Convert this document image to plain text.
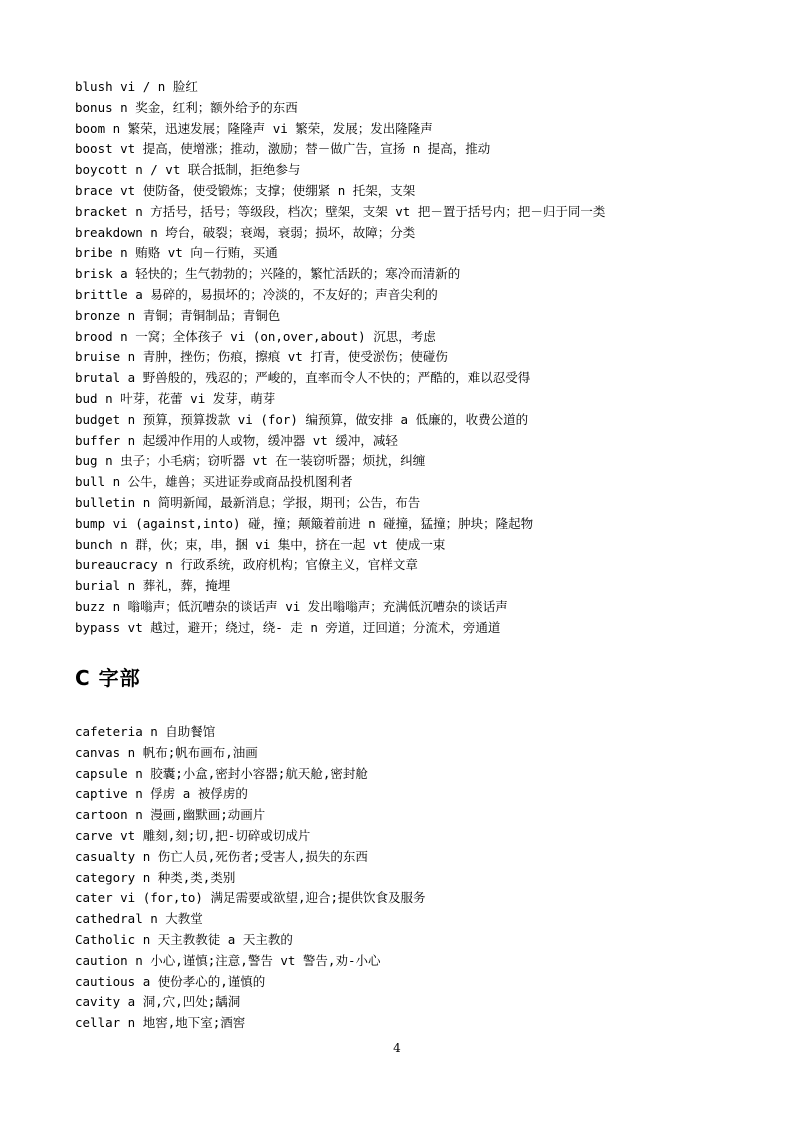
blush vi / n 脸红
bonus n 奖金，红利；额外给予的东西
boom n 繁荣，迅速发展；隆隆声 vi 繁荣，发展；发出隆隆声
boost vt 提高，使增涨；推动，激励；替－做广告，宣扬 n 提高，推动
boycott n / vt 联合抵制，拒绝参与
brace vt 使防备，使受锻炼；支撑；使绷紧 n 托架，支架
bracket n 方括号，括号；等级段，档次；壁架，支架 vt 把－置于括号内；把－归于同一类
breakdown n 垮台，破裂；衰竭，衰弱；损坏，故障；分类
bribe n 贿赂 vt 向－行贿，买通
brisk a 轻快的；生气勃勃的；兴隆的，繁忙活跃的；寒冷而清新的
brittle a 易碎的，易损坏的；冷淡的，不友好的；声音尖利的
bronze n 青铜；青铜制品；青铜色
brood n 一窝；全体孩子 vi (on,over,about) 沉思，考虑
bruise n 青肿，挫伤；伤痕，擦痕 vt 打青，使受淤伤；使碰伤
brutal a 野兽般的，残忍的；严峻的，直率而令人不快的；严酷的，难以忍受得
bud n 叶芽，花蕾 vi 发芽，萌芽
budget n 预算，预算拨款 vi (for) 编预算，做安排 a 低廉的，收费公道的
buffer n 起缓冲作用的人或物，缓冲器 vt 缓冲，减轻
bug n 虫子；小毛病；窃听器 vt 在一装窃听器；烦扰，纠缠
bull n 公牛，雄兽；买进证券或商品投机图利者
bulletin n 简明新闻，最新消息；学报，期刊；公告，布告
bump vi (against,into) 碰，撞；颠簸着前进 n 碰撞，猛撞；肿块；隆起物
bunch n 群，伙；束，串，捆 vi 集中，挤在一起 vt 使成一束
bureaucracy n 行政系统，政府机构；官僚主义，官样文章
burial n 葬礼，葬，掩埋
buzz n 嗡嗡声；低沉嘈杂的谈话声 vi 发出嗡嗡声；充满低沉嘈杂的谈话声
bypass vt 越过，避开；绕过，绕- 走 n 旁道，迂回道；分流术，旁通道
C 字部
cafeteria n 自助餐馆
canvas n 帆布;帆布画布,油画
capsule n 胶囊;小盒,密封小容器;航天舱,密封舱
captive n 俘虏 a 被俘虏的
cartoon n 漫画,幽默画;动画片
carve vt 雕刻,刻;切,把-切碎或切成片
casualty n 伤亡人员,死伤者;受害人,损失的东西
category n 种类,类,类别
cater vi (for,to) 满足需要或欲望,迎合;提供饮食及服务
cathedral n 大教堂
Catholic n 天主教教徒 a 天主教的
caution n 小心,谨慎;注意,警告 vt 警告,劝-小心
cautious a 使份孝心的,谨慎的
cavity a 洞,穴,凹处;龋洞
cellar n 地窖,地下室;酒窖
4
